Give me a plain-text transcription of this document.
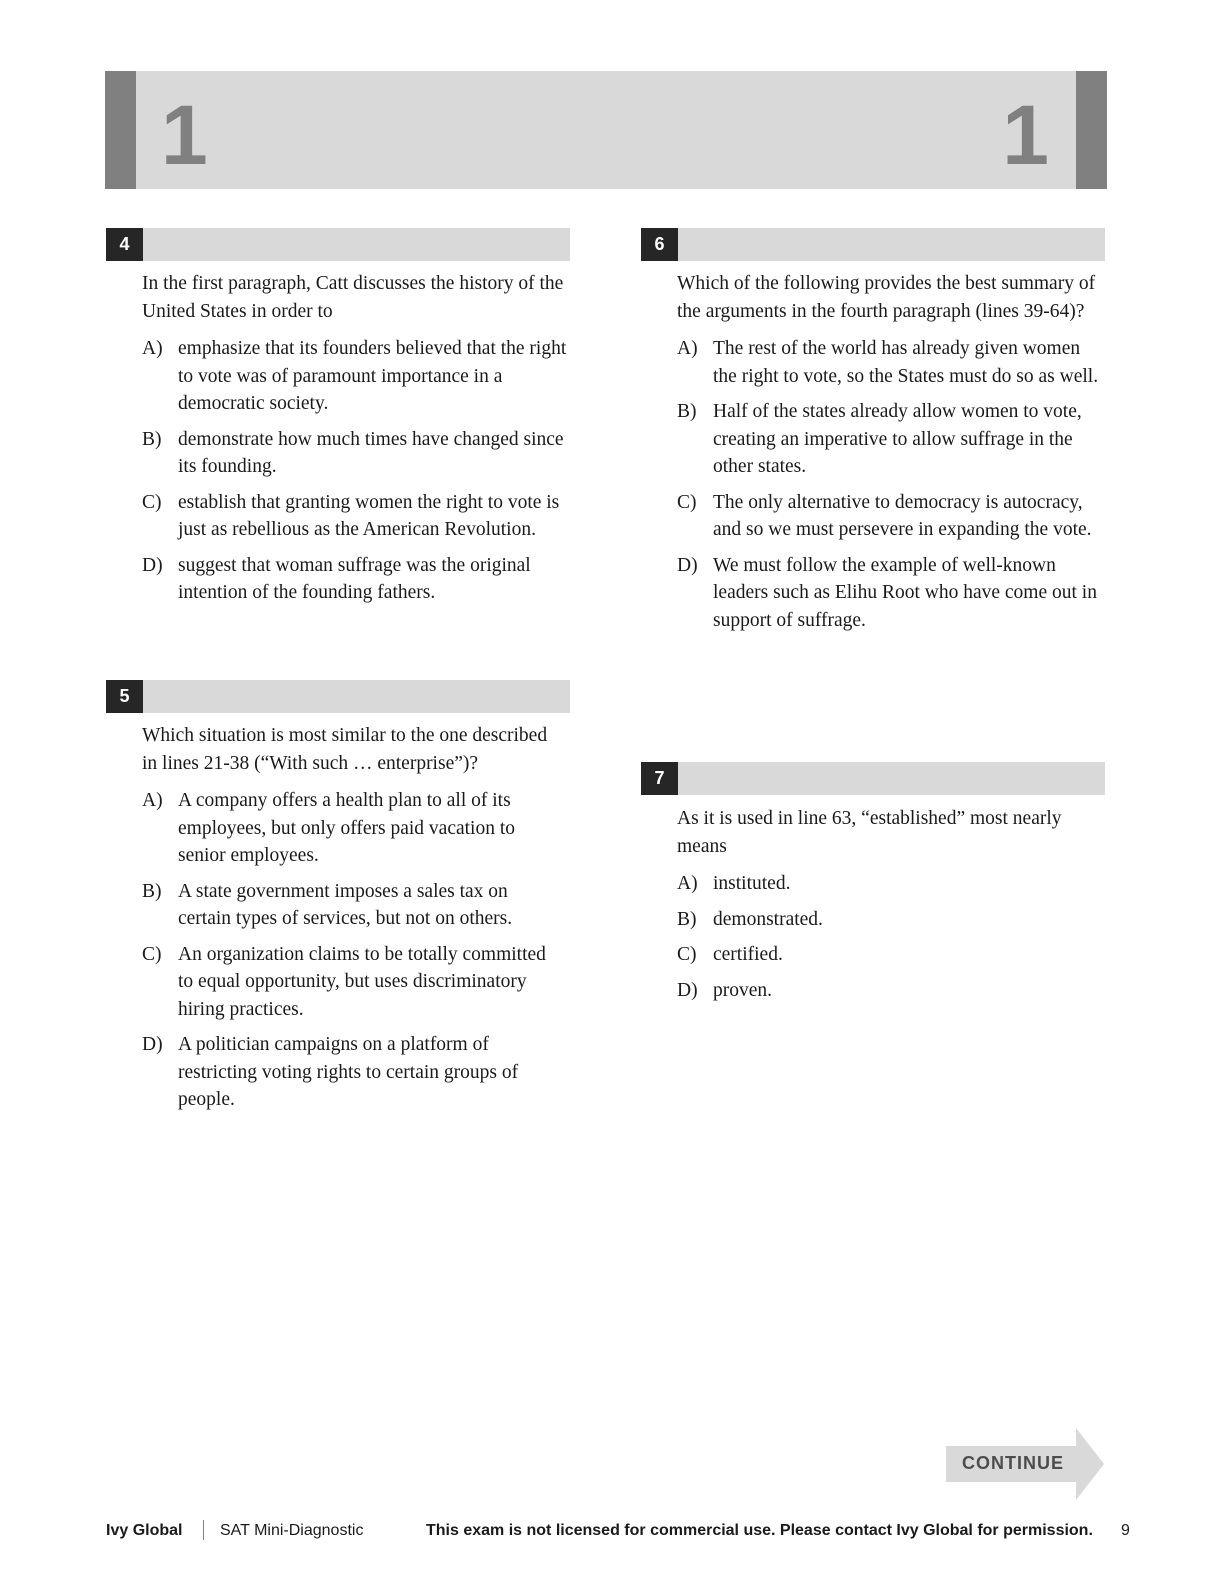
1	1
4

In the first paragraph, Catt discusses the history of the United States in order to

A) emphasize that its founders believed that the right to vote was of paramount importance in a democratic society.
B) demonstrate how much times have changed since its founding.
C) establish that granting women the right to vote is just as rebellious as the American Revolution.
D) suggest that woman suffrage was the original intention of the founding fathers.
5

Which situation is most similar to the one described in lines 21-38 (“With such … enterprise”)?

A) A company offers a health plan to all of its employees, but only offers paid vacation to senior employees.
B) A state government imposes a sales tax on certain types of services, but not on others.
C) An organization claims to be totally committed to equal opportunity, but uses discriminatory hiring practices.
D) A politician campaigns on a platform of restricting voting rights to certain groups of people.
6

Which of the following provides the best summary of the arguments in the fourth paragraph (lines 39-64)?

A) The rest of the world has already given women the right to vote, so the States must do so as well.
B) Half of the states already allow women to vote, creating an imperative to allow suffrage in the other states.
C) The only alternative to democracy is autocracy, and so we must persevere in expanding the vote.
D) We must follow the example of well-known leaders such as Elihu Root who have come out in support of suffrage.
7

As it is used in line 63, “established” most nearly means

A) instituted.
B) demonstrated.
C) certified.
D) proven.
CONTINUE
Ivy Global SAT Mini-Diagnostic	This exam is not licensed for commercial use. Please contact Ivy Global for permission. 9
